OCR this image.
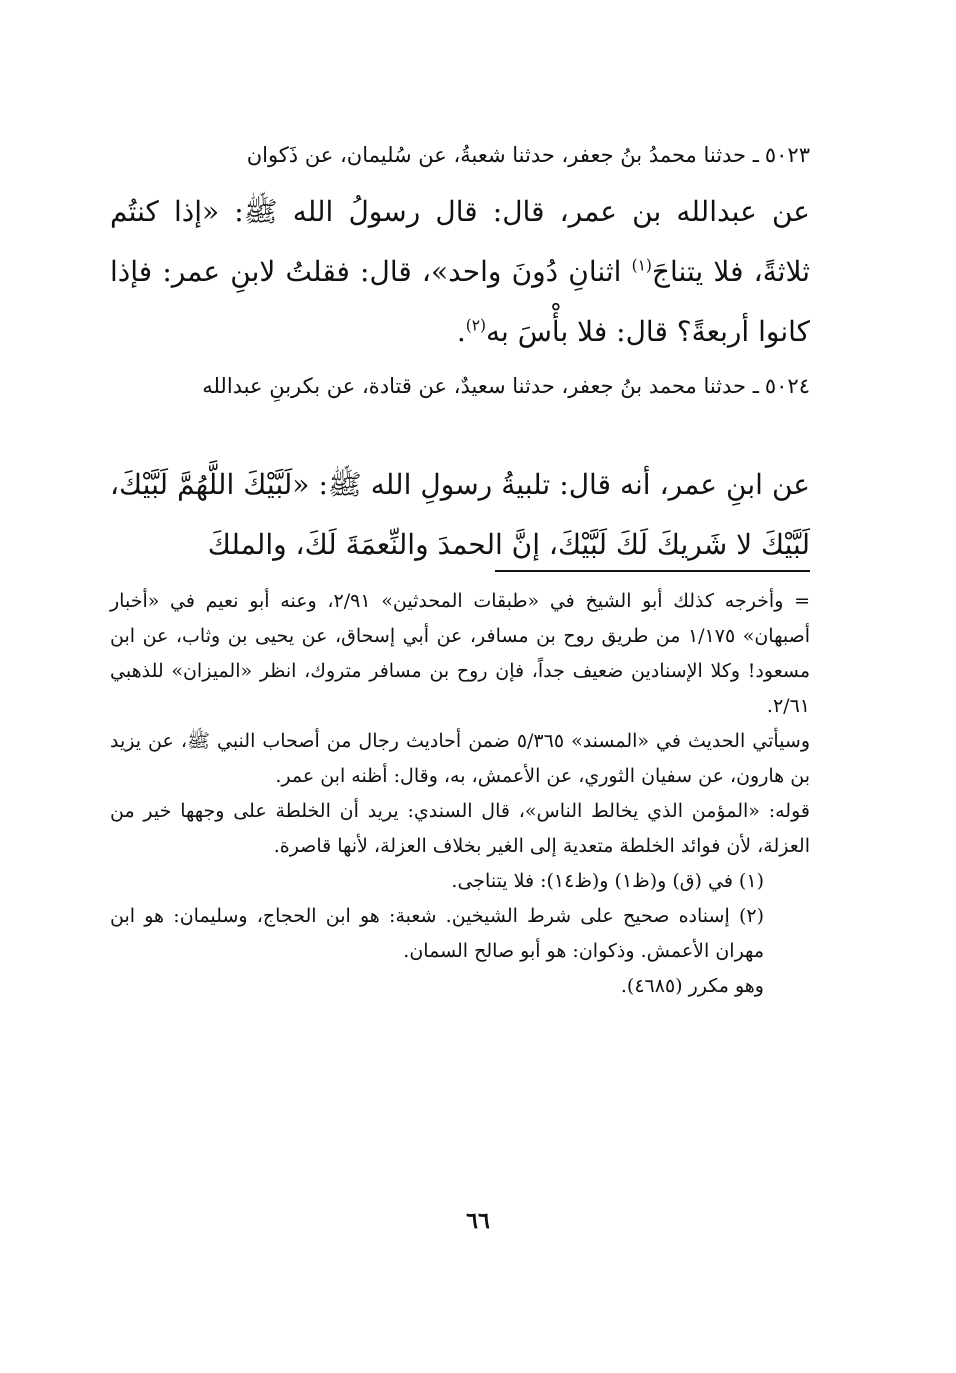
٥٠٢٣ـ حدثنا محمدُ بنُ جعفر، حدثنا شعبةُ، عن سُليمان، عن ذَكوان
عن عبدالله بن عمر، قال: قال رسولُ الله ﷺ: «إذا كنتُم ثلاثةً، فلا يتناجَ$^{(١)}$ اثنانِ دُونَ واحد»، قال: فقلتُ لابنِ عمر: فإذا كانوا أربعةً؟ قال: فلا بأْسَ به$^{(٢)}$.
٥٠٢٤ـ حدثنا محمد بنُ جعفر، حدثنا سعيدٌ، عن قتادة، عن بكربنِ عبدالله
عن ابنِ عمر، أنه قال: تلبيةُ رسولِ الله ﷺ: «لَبَّيْكَ اللَّهُمَّ لَبَّيْكَ، لَبَّيْكَ لا شَريكَ لَكَ لَبَّيْكَ، إنَّ الحمدَ والنِّعمَةَ لَكَ، والملكَ

= وأخرجه كذلك أبو الشيخ في «طبقات المحدثين» ٢/٩١، وعنه أبو نعيم في «أخبار أصبهان» ١/١٧٥ من طريق روح بن مسافر، عن أبي إسحاق، عن يحيى بن وثاب، عن ابن مسعود! وكلا الإسنادين ضعيف جداً، فإن روح بن مسافر متروك، انظر «الميزان» للذهبي ٢/٦١.

وسيأتي الحديث في «المسند» ٥/٣٦٥ ضمن أحاديث رجال من أصحاب النبي ﷺ، عن يزيد بن هارون، عن سفيان الثوري، عن الأعمش، به، وقال: أظنه ابن عمر.

قوله: «المؤمن الذي يخالط الناس»، قال السندي: يريد أن الخلطة على وجهها خير من العزلة، لأن فوائد الخلطة متعدية إلى الغير بخلاف العزلة، لأنها قاصرة.

(١) في (ق) و(ظ١) و(ظ١٤): فلا يتناجى.

(٢) إسناده صحيح على شرط الشيخين. شعبة: هو ابن الحجاج، وسليمان: هو ابن مهران الأعمش. وذكوان: هو أبو صالح السمان.

وهو مكرر (٤٦٨٥).

٦٦
